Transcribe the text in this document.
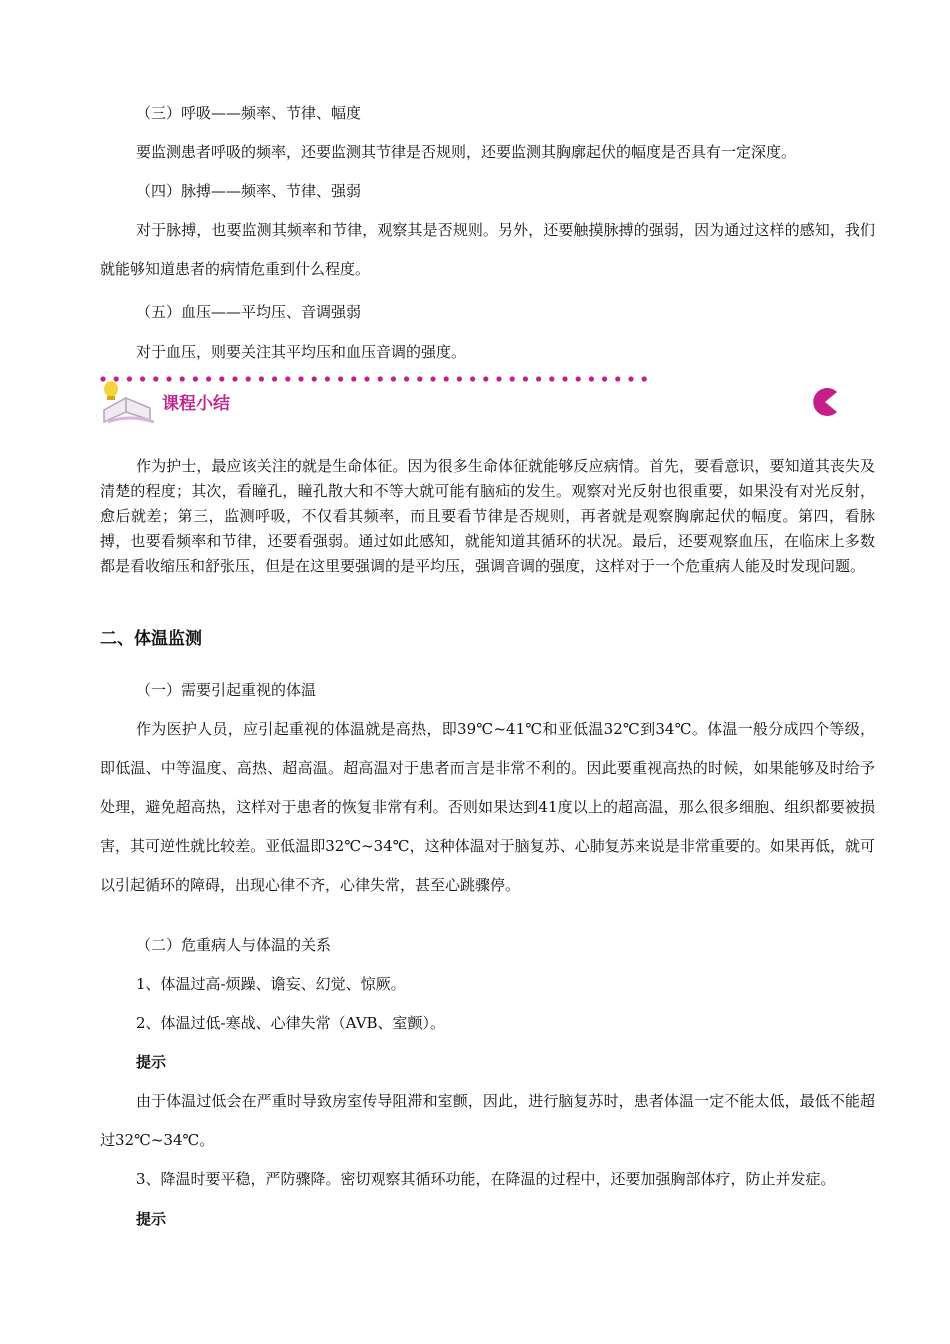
（三）呼吸——频率、节律、幅度

要监测患者呼吸的频率，还要监测其节律是否规则，还要监测其胸廓起伏的幅度是否具有一定深度。

（四）脉搏——频率、节律、强弱

对于脉搏，也要监测其频率和节律，观察其是否规则。另外，还要触摸脉搏的强弱，因为通过这样的感知，我们就能够知道患者的病情危重到什么程度。

（五）血压——平均压、音调强弱

对于血压，则要关注其平均压和血压音调的强度。

课程小结

作为护士，最应该关注的就是生命体征。因为很多生命体征就能够反应病情。首先，要看意识，要知道其丧失及清楚的程度；其次，看瞳孔，瞳孔散大和不等大就可能有脑疝的发生。观察对光反射也很重要，如果没有对光反射，愈后就差；第三，监测呼吸，不仅看其频率，而且要看节律是否规则，再者就是观察胸廓起伏的幅度。第四，看脉搏，也要看频率和节律，还要看强弱。通过如此感知，就能知道其循环的状况。最后，还要观察血压，在临床上多数都是看收缩压和舒张压，但是在这里要强调的是平均压，强调音调的强度，这样对于一个危重病人能及时发现问题。

二、体温监测

（一）需要引起重视的体温

作为医护人员，应引起重视的体温就是高热，即39℃~41℃和亚低温32℃到34℃。体温一般分成四个等级，即低温、中等温度、高热、超高温。超高温对于患者而言是非常不利的。因此要重视高热的时候，如果能够及时给予处理，避免超高热，这样对于患者的恢复非常有利。否则如果达到41度以上的超高温，那么很多细胞、组织都要被损害，其可逆性就比较差。亚低温即32℃~34℃，这种体温对于脑复苏、心肺复苏来说是非常重要的。如果再低，就可以引起循环的障碍，出现心律不齐，心律失常，甚至心跳骤停。

（二）危重病人与体温的关系

1、体温过高-烦躁、谵妄、幻觉、惊厥。

2、体温过低-寒战、心律失常（AVB、室颤）。

提示

由于体温过低会在严重时导致房室传导阻滞和室颤，因此，进行脑复苏时，患者体温一定不能太低，最低不能超过32℃~34℃。

3、降温时要平稳，严防骤降。密切观察其循环功能，在降温的过程中，还要加强胸部体疗，防止并发症。

提示
